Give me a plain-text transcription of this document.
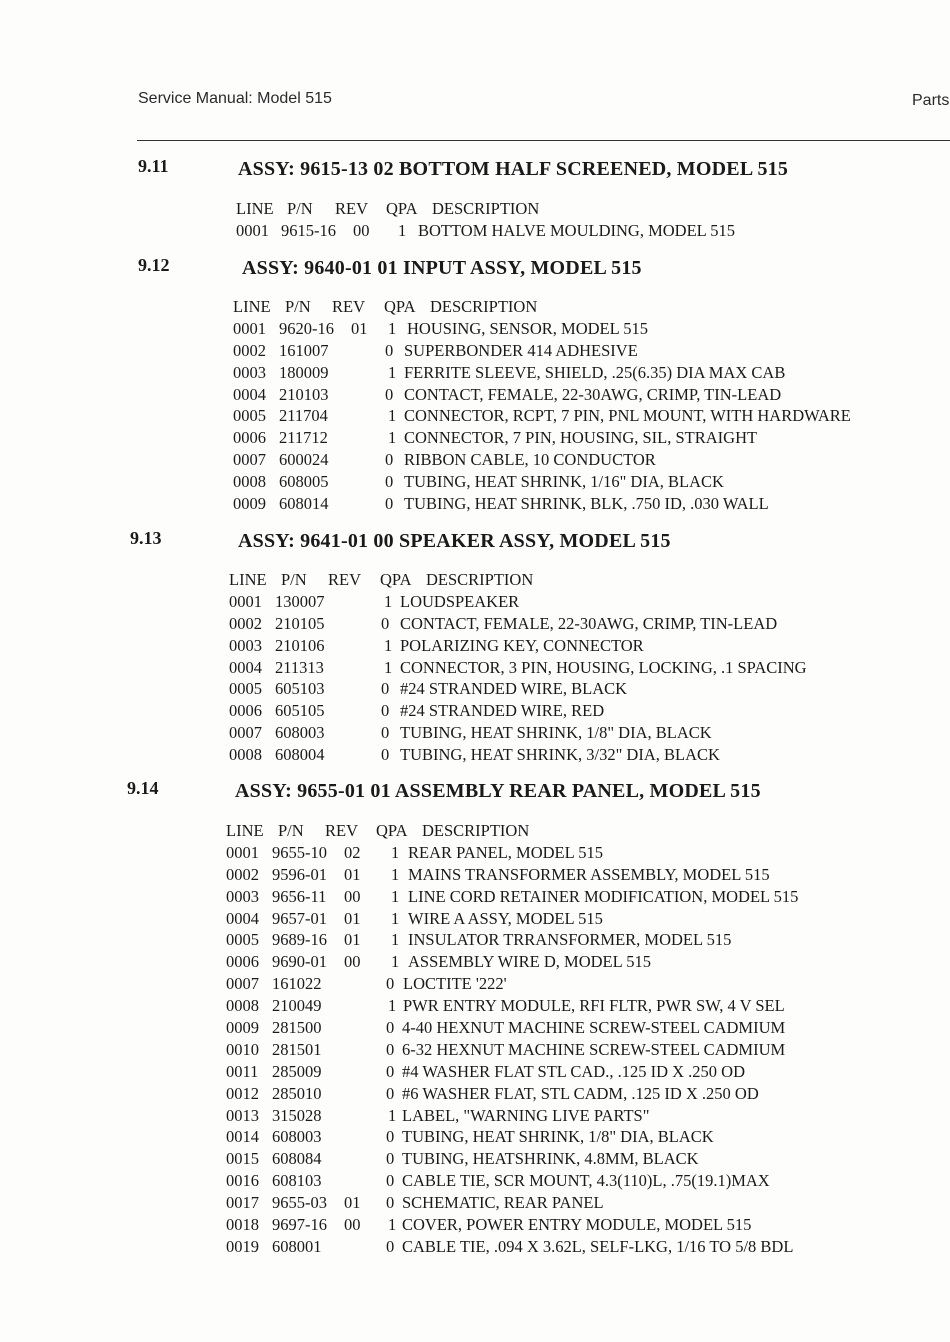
Service Manual: Model 515	Parts
9.11	ASSY: 9615-13 02 BOTTOM HALF SCREENED, MODEL 515
LINE P/N REV QPA DESCRIPTION
0001 9615-16 00 1 BOTTOM HALVE MOULDING, MODEL 515
9.12	ASSY: 9640-01 01 INPUT ASSY, MODEL 515
LINE P/N REV QPA DESCRIPTION
0001 9620-16 01 1 HOUSING, SENSOR, MODEL 515
0002 161007	0 SUPERBONDER 414 ADHESIVE
0003 180009	1 FERRITE SLEEVE, SHIELD, .25(6.35) DIA MAX CAB
0004 210103	0 CONTACT, FEMALE, 22-30AWG, CRIMP, TIN-LEAD
0005 211704	1 CONNECTOR, RCPT, 7 PIN, PNL MOUNT, WITH HARDWARE
0006 211712	1 CONNECTOR, 7 PIN, HOUSING, SIL, STRAIGHT
0007 600024	0 RIBBON CABLE, 10 CONDUCTOR
0008 608005	0 TUBING, HEAT SHRINK, 1/16" DIA, BLACK
0009 608014	0 TUBING, HEAT SHRINK, BLK, .750 ID, .030 WALL
9.13	ASSY: 9641-01 00 SPEAKER ASSY, MODEL 515
LINE P/N REV QPA DESCRIPTION
0001 130007	1 LOUDSPEAKER
0002 210105	0 CONTACT, FEMALE, 22-30AWG, CRIMP, TIN-LEAD
0003 210106	1 POLARIZING KEY, CONNECTOR
0004 211313	1 CONNECTOR, 3 PIN, HOUSING, LOCKING, .1 SPACING
0005 605103	0 #24 STRANDED WIRE, BLACK
0006 605105	0 #24 STRANDED WIRE, RED
0007 608003	0 TUBING, HEAT SHRINK, 1/8" DIA, BLACK
0008 608004	0 TUBING, HEAT SHRINK, 3/32" DIA, BLACK
9.14	ASSY: 9655-01 01 ASSEMBLY REAR PANEL, MODEL 515
LINE P/N REV QPA DESCRIPTION
0001 9655-10 02 1 REAR PANEL, MODEL 515
0002 9596-01 01 1 MAINS TRANSFORMER ASSEMBLY, MODEL 515
0003 9656-11 00 1 LINE CORD RETAINER MODIFICATION, MODEL 515
0004 9657-01 01 1 WIRE A ASSY, MODEL 515
0005 9689-16 01 1 INSULATOR TRRANSFORMER, MODEL 515
0006 9690-01 00 1 ASSEMBLY WIRE D, MODEL 515
0007 161022	0 LOCTITE '222'
0008 210049	1 PWR ENTRY MODULE, RFI FLTR, PWR SW, 4 V SEL
0009 281500	0 4-40 HEXNUT MACHINE SCREW-STEEL CADMIUM
0010 281501	0 6-32 HEXNUT MACHINE SCREW-STEEL CADMIUM
0011 285009	0 #4 WASHER FLAT STL CAD., .125 ID X .250 OD
0012 285010	0 #6 WASHER FLAT, STL CADM, .125 ID X .250 OD
0013 315028	1 LABEL, "WARNING LIVE PARTS"
0014 608003	0 TUBING, HEAT SHRINK, 1/8" DIA, BLACK
0015 608084	0 TUBING, HEATSHRINK, 4.8MM, BLACK
0016 608103	0 CABLE TIE, SCR MOUNT, 4.3(110)L, .75(19.1)MAX
0017 9655-03 01 0 SCHEMATIC, REAR PANEL
0018 9697-16 00 1 COVER, POWER ENTRY MODULE, MODEL 515
0019 608001	0 CABLE TIE, .094 X 3.62L, SELF-LKG, 1/16 TO 5/8 BDL
